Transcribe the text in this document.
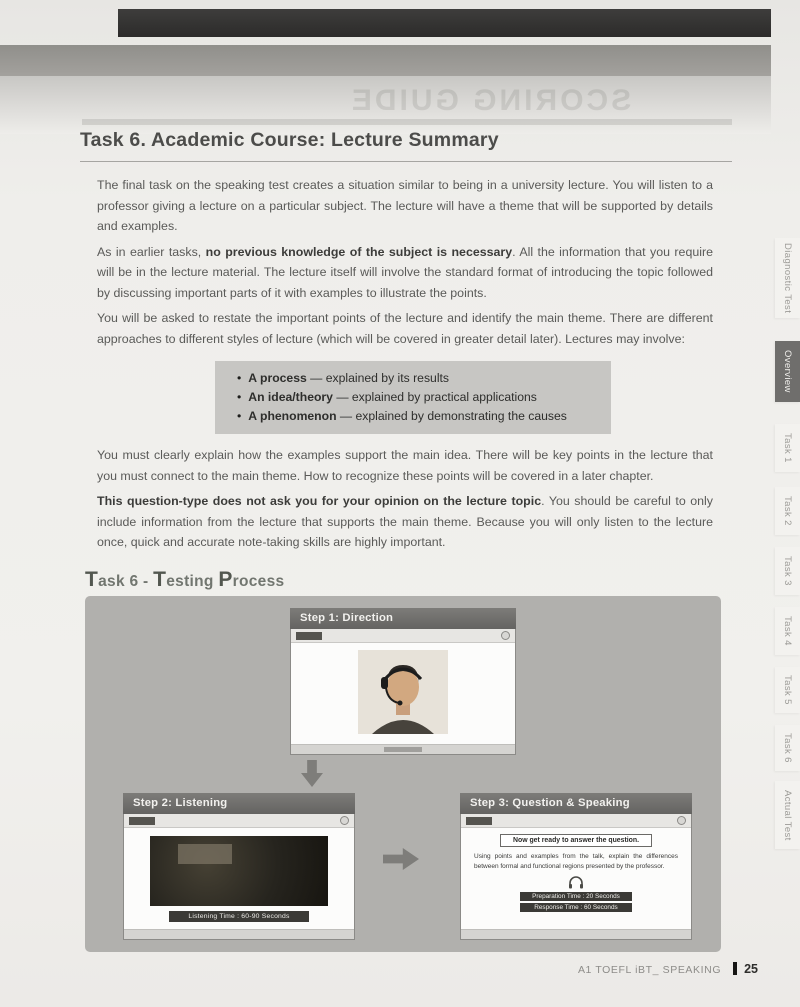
SCORING GUIDE
Task 6. Academic Course: Lecture Summary

The final task on the speaking test creates a situation similar to being in a university lecture. You will listen to a professor giving a lecture on a particular subject. The lecture will have a theme that will be supported by details and examples.

As in earlier tasks, no previous knowledge of the subject is necessary. All the information that you require will be in the lecture material. The lecture itself will involve the standard format of introducing the topic followed by discussing important parts of it with examples to illustrate the points.

You will be asked to restate the important points of the lecture and identify the main theme. There are different approaches to different styles of lecture (which will be covered in greater detail later). Lectures may involve:

• A process — explained by its results
• An idea/theory — explained by practical applications
• A phenomenon — explained by demonstrating the causes

You must clearly explain how the examples support the main idea. There will be key points in the lecture that you must connect to the main theme. How to recognize these points will be covered in a later chapter.

This question-type does not ask you for your opinion on the lecture topic. You should be careful to only include information from the lecture that supports the main theme. Because you will only listen to the lecture once, quick and accurate note-taking skills are highly important.

Task 6 - Testing Process
Step 1: Direction
Step 2: Listening
Listening Time : 60-90 Seconds
Step 3: Question & Speaking
Now get ready to answer the question.
Using points and examples from the talk, explain the differences between formal and functional regions presented by the professor.
Preparation Time : 20 Seconds
Response Time : 60 Seconds
Diagnostic Test
Overview
Task 1
Task 2
Task 3
Task 4
Task 5
Task 6
Actual Test
A1 TOEFL iBT_ SPEAKING 25
